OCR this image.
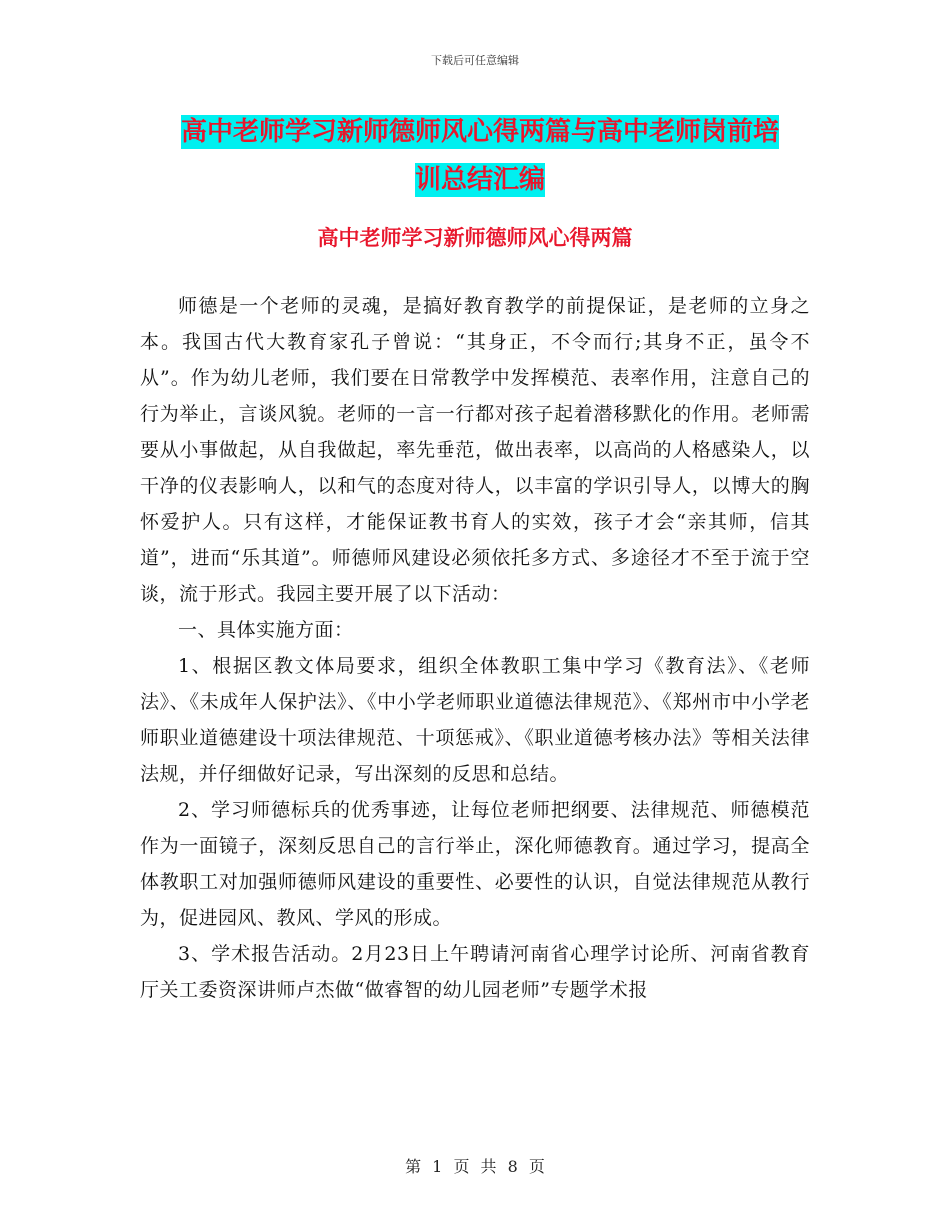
下载后可任意编辑
高中老师学习新师德师风心得两篇与高中老师岗前培
训总结汇编
高中老师学习新师德师风心得两篇

师德是一个老师的灵魂，是搞好教育教学的前提保证，是老师的立身之本。我国古代大教育家孔子曾说：“其身正，不令而行;其身不正，虽令不从”。作为幼儿老师，我们要在日常教学中发挥模范、表率作用，注意自己的行为举止，言谈风貌。老师的一言一行都对孩子起着潜移默化的作用。老师需要从小事做起，从自我做起，率先垂范，做出表率，以高尚的人格感染人，以干净的仪表影响人，以和气的态度对待人，以丰富的学识引导人，以博大的胸怀爱护人。只有这样，才能保证教书育人的实效，孩子才会“亲其师，信其道”，进而“乐其道”。师德师风建设必须依托多方式、多途径才不至于流于空谈，流于形式。我园主要开展了以下活动：

一、具体实施方面：

1、根据区教文体局要求，组织全体教职工集中学习《教育法》、《老师法》、《未成年人保护法》、《中小学老师职业道德法律规范》、《郑州市中小学老师职业道德建设十项法律规范、十项惩戒》、《职业道德考核办法》等相关法律法规，并仔细做好记录，写出深刻的反思和总结。

2、学习师德标兵的优秀事迹，让每位老师把纲要、法律规范、师德模范作为一面镜子，深刻反思自己的言行举止，深化师德教育。通过学习，提高全体教职工对加强师德师风建设的重要性、必要性的认识，自觉法律规范从教行为，促进园风、教风、学风的形成。

3、学术报告活动。2月23日上午聘请河南省心理学讨论所、河南省教育厅关工委资深讲师卢杰做“做睿智的幼儿园老师”专题学术报

第 1 页 共 8 页
